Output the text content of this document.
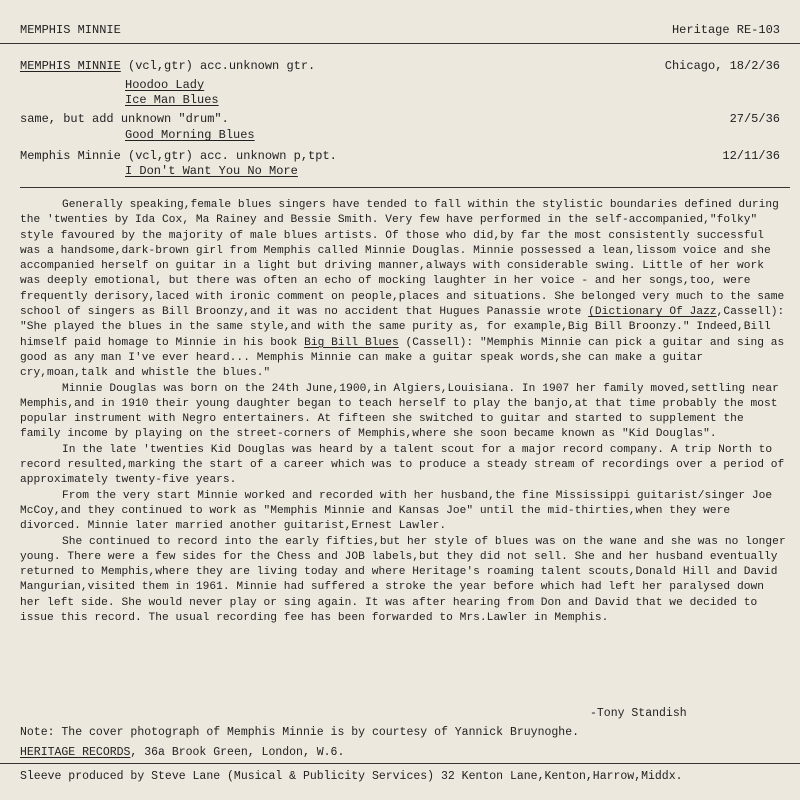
MEMPHIS MINNIE	Heritage RE-103
MEMPHIS MINNIE (vcl,gtr) acc.unknown gtr.	Chicago, 18/2/36
Hoodoo Lady
Ice Man Blues
same, but add unknown "drum".	27/5/36
Good Morning Blues
Memphis Minnie (vcl,gtr) acc. unknown p,tpt.	12/11/36
I Don't Want You No More

Generally speaking,female blues singers have tended to fall within the stylistic boundaries defined during the 'twenties by Ida Cox, Ma Rainey and Bessie Smith. Very few have performed in the self-accompanied,"folky" style favoured by the majority of male blues artists. Of those who did,by far the most consistently successful was a handsome,dark-brown girl from Memphis called Minnie Douglas. Minnie possessed a lean,lissom voice and she accompanied herself on guitar in a light but driving manner,always with considerable swing. Little of her work was deeply emotional, but there was often an echo of mocking laughter in her voice - and her songs,too, were frequently derisory,laced with ironic comment on people,places and situations. She belonged very much to the same school of singers as Bill Broonzy,and it was no accident that Hugues Panassie wrote (Dictionary Of Jazz,Cassell): "She played the blues in the same style,and with the same purity as, for example,Big Bill Broonzy." Indeed,Bill himself paid homage to Minnie in his book Big Bill Blues (Cassell): "Memphis Minnie can pick a guitar and sing as good as any man I've ever heard... Memphis Minnie can make a guitar speak words,she can make a guitar cry,moan,talk and whistle the blues."

Minnie Douglas was born on the 24th June,1900,in Algiers,Louisiana. In 1907 her family moved,settling near Memphis,and in 1910 their young daughter began to teach herself to play the banjo,at that time probably the most popular instrument with Negro entertainers. At fifteen she switched to guitar and started to supplement the family income by playing on the street-corners of Memphis,where she soon became known as "Kid Douglas".

In the late 'twenties Kid Douglas was heard by a talent scout for a major record company. A trip North to record resulted,marking the start of a career which was to produce a steady stream of recordings over a period of approximately twenty-five years.

From the very start Minnie worked and recorded with her husband,the fine Mississippi guitarist/singer Joe McCoy,and they continued to work as "Memphis Minnie and Kansas Joe" until the mid-thirties,when they were divorced. Minnie later married another guitarist,Ernest Lawler.

She continued to record into the early fifties,but her style of blues was on the wane and she was no longer young. There were a few sides for the Chess and JOB labels,but they did not sell. She and her husband eventually returned to Memphis,where they are living today and where Heritage's roaming talent scouts,Donald Hill and David Mangurian,visited them in 1961. Minnie had suffered a stroke the year before which had left her paralysed down her left side. She would never play or sing again. It was after hearing from Don and David that we decided to issue this record. The usual recording fee has been forwarded to Mrs.Lawler in Memphis.

-Tony Standish
Note: The cover photograph of Memphis Minnie is by courtesy of Yannick Bruynoghe.
HERITAGE RECORDS, 36a Brook Green, London, W.6.
Sleeve produced by Steve Lane (Musical & Publicity Services) 32 Kenton Lane,Kenton,Harrow,Middx.
